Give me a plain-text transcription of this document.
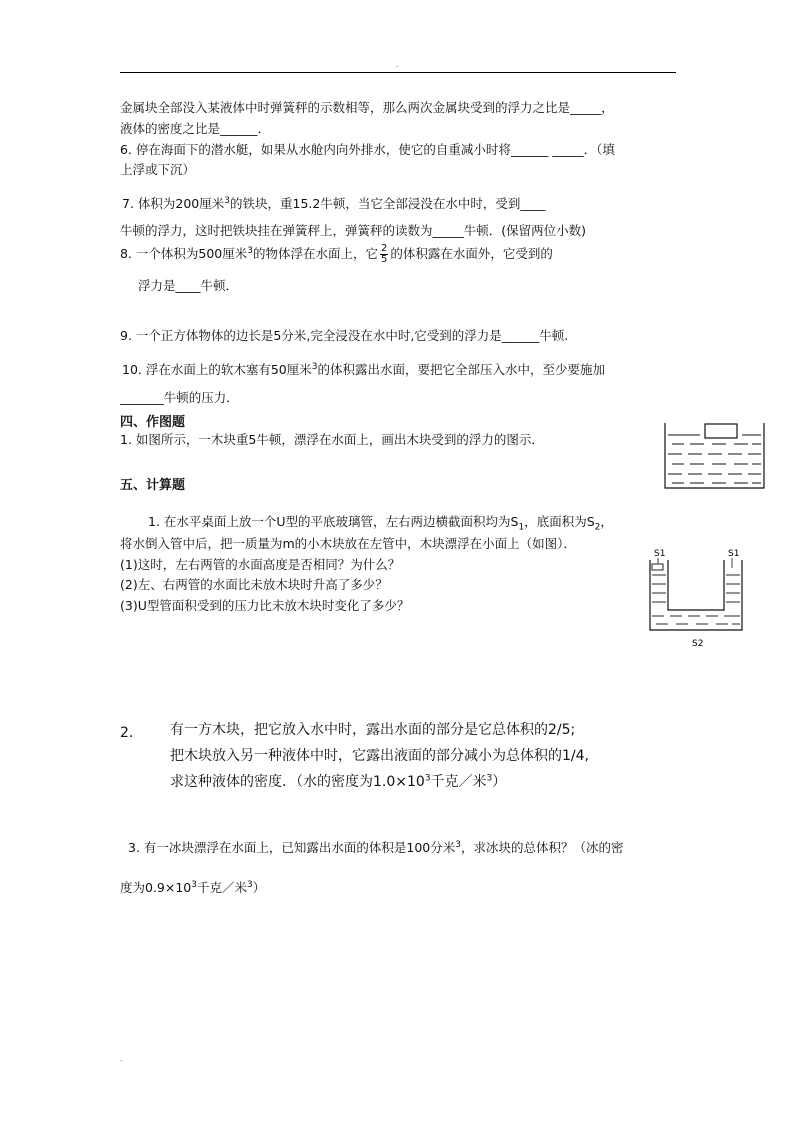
.
金属块全部没入某液体中时弹簧秤的示数相等，那么两次金属块受到的浮力之比是_____，
液体的密度之比是______．
6. 停在海面下的潜水艇，如果从水舱内向外排水，使它的自重减小时将______ _____．（填
上浮或下沉）
7. 体积为200厘米$^3$的铁块，重15.2牛顿，当它全部浸没在水中时，受到____
牛顿的浮力，这时把铁块挂在弹簧秤上，弹簧秤的读数为_____牛顿．(保留两位小数)
8. 一个体积为500厘米$^3$的物体浮在水面上，它 $\frac{2}{5}$ 的体积露在水面外，它受到的
浮力是____牛顿．
9. 一个正方体物体的边长是5分米,完全浸没在水中时,它受到的浮力是______牛顿.
10. 浮在水面上的软木塞有50厘米$^3$的体积露出水面，要把它全部压入水中，至少要施加
_______牛顿的压力．
四、作图题
1. 如图所示，一木块重5牛顿，漂浮在水面上，画出木块受到的浮力的图示．
五、计算题
1. 在水平桌面上放一个U型的平底玻璃管，左右两边横截面积均为$S_1$，底面积为$S_2$，
将水倒入管中后，把一质量为m的小木块放在左管中，木块漂浮在小面上（如图）．
(1)这时，左右两管的水面高度是否相同？为什么？
(2)左、右两管的水面比未放木块时升高了多少？
(3)U型管面积受到的压力比未放木块时变化了多少？
S1	S1
S2
2.	有一方木块，把它放入水中时，露出水面的部分是它总体积的2∕5;
把木块放入另一种液体中时，它露出液面的部分减小为总体积的1∕4,
求这种液体的密度．（水的密度为$1.0\times 10^3$千克／米$^3$）
3. 有一冰块漂浮在水面上，已知露出水面的体积是100分米$^3$，求冰块的总体积？（冰的密
度为$0.9\times 10^3$千克／米$^3$）
.
